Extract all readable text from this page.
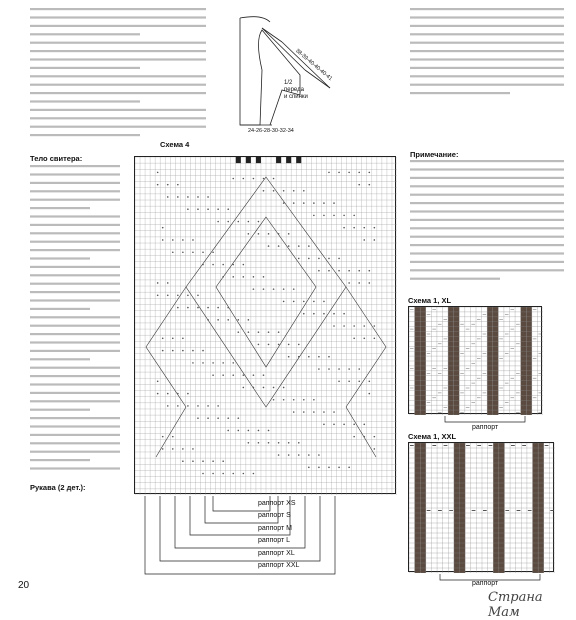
Тело свитера:
Рукава (2 дет.):
1/2
переда
и спинки
24-26-28-30-32-34
38-39-40-40-40-41
Примечание:
Схема 4
раппорт XS
раппорт S
раппорт M
раппорт L
раппорт XL
раппорт XXL
Схема 1, XL
раппорт
Схема 1, XXL
раппорт
20
Страна Мам
